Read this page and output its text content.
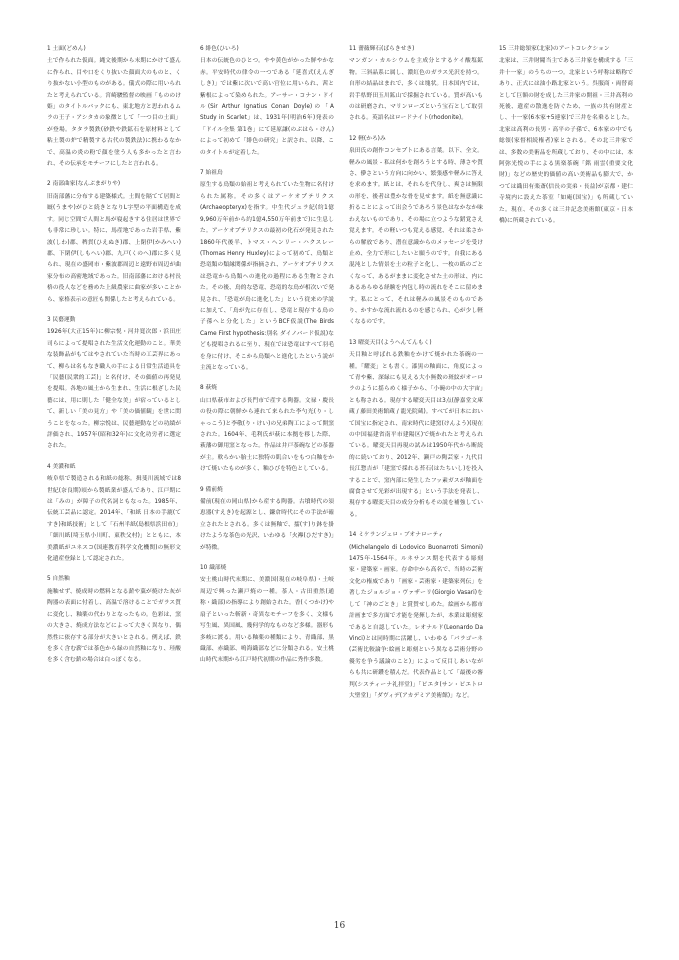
1 土面(どめん)
土で作られた仮面。縄文後期から末期にかけて盛んに作られ、目や口をくり抜いた顔面大のものと、くり抜かない小型のものがある。儀式の際に用いられたと考えられている。宮崎駿監督の映画「もののけ姫」のタイトルバックにも、東北地方と思われるムラの王子・アシタカの象徴として「一つ目の土面」が登場。タタラ製鉄(砂鉄や鉄鉱石を原材料として粘土製の炉で精製する古代の製鉄法)に携わるなかで、高温の炎の粉で顔を塗う人も多かったと言われ、その伝承をモチーフにしたと言われる。
2 南部曲家(なんぶまがりや)
旧南部藩に分布する建築様式。土間を隔てて居間と厩(うまや)がひと続きとなりL字型の平面構造を成す。同じ空間で人間と馬が寝起きする住居は世界でも非常に珍しい。特に、馬産地であった岩手県、紫波(しわ)郡、稗貫(ひえぬき)郡、上閉伊(かみへい)郡、下閉伊(しもへい)郡、九戸(くのへ)郡に多く見られ、現在の盛岡市・紫波郡周辺と遠野市周辺が曲家分布の高密地域であった。旧南部藩における村長格の役人などを務めた上級農家に曲家が多いことから、家格表示の意匠も関係したと考えられている。
3 民藝運動
1926年(大正15年)に柳宗悦・河井寛次郎・浜田庄司らによって提唱された生活文化運動のこと。華美な装飾品がもてはやされていた当時の工芸界にあって、柳らは名もなき職人の手による日常生活道具を「民藝(民衆的工芸)」と名付け、その価値の再発見を提唱。各地の風土から生まれ、生活に根ざした民藝には、用に則した「健全な美」が宿っているとして、新しい「美の見方」や「美の価値観」を世に問うことをなった。柳宗悦は、民藝運動などの功績が評価され、1957年(昭和32年)に文化功労者に選定された。
4 美濃和紙
岐阜県で製造される和紙の総称。揖斐川流域では8世紀(奈良期)頃から製紙業が盛んであり、江戸期には「みの」が障子の代名詞ともなった。1985年、伝統工芸品に認定。2014年、「和紙 日本の手漉(てすき)和紙技術」として「石州半紙(島根県浜田市)」「細川紙(埼玉県小川町、東秩父村)」とともに、本美濃紙がユネスコ(国連教育科学文化機関)の無形文化遺産登録として認定された。
5 自然釉
施釉せず、焼成時の燃料となる薪や藁が焼けた灰が陶器の表面に付着し、高温で溶けることでガラス質に変化し、釉薬の代わりとなったもの。色彩は、窯の大きさ、焼成方法などによって大きく異なり、偶然性に依存する部分が大きいとされる。例えば、鉄を多く含む薪では茶色から緑の自然釉になり、珪酸を多く含む薪の場合は白っぽくなる。
6 緋色(ひいろ)
日本の伝統色のひとつ。やや黄色がかった鮮やかな赤。平安時代の律令の一つである「延喜式(えんぎしき)」では紫に次いで高い官位に用いられ、茜と紫根によって染められた。アーサー・コナン・ドイル(Sir Arthur Ignatius Conan Doyle)の「A Study in Scarlet」は、1931年(明治6年)発表の「ドイル全集 第1巻」にて延原謙(のぶはら・けん)によって初めて「緋色の研究」と訳され、以降、このタイトルが定着した。
7 始祖鳥
原生する鳥類の始祖と考えられていた生物に名付けられた属称。その多くはアーケオプテリクス(Archaeopteryx)を指す。中生代ジュラ紀(約1億9,960万年前から約1億4,550万年前まで)に生息した。アーケオプテリクスの最初の化石が発見された1860年代後半、トマス・ヘンリー・ハクスレー(Thomas Henry Huxley)によって初めて、鳥類と恐竜類の類縁関係が指摘され、アーケオプテリクスは恐竜から鳥類への進化の過程にある生物とされた。その後、鳥的な恐竜、恐竜的な鳥が相次いで発見され、「恐竜が鳥に進化した」という従来の学説に加えて、「鳥が先に存在し、恐竜と現存する鳥の子孫へと分化した」というBCF仮説(The Birds Came First hypothesis:別名 ダイノバード仮説)なども提唱されるに至り、現在では恐竜はすべて羽毛を身に付け、そこから鳥類へと進化したという説が主流となっている。
8 萩焼
山口県萩市および長門市で産する陶器。文禄・慶長の役の際に朝鮮から連れて来られた李勺光(り・しゃっこう)と李敬(り・けい)の兄弟陶工によって開窯された。1604年、毛利氏が萩に本拠を移した際、萩藩の御用窯となった。作品は井戸茶碗などの茶器が主。軟らかい胎土に独特の肌合いをもつ白釉をかけて焼いたものが多く、釉ひびを特色としている。
9 備前焼
備前(現在の岡山県)から産する陶器。古墳時代の須恵器(すえき)を起源とし、鎌倉時代にその手法が確立されたとされる。多くは無釉で、擂(す)り鉢を掛けたような茶色の光沢、いわゆる「火襷(ひだすき)」が特徴。
10 織部焼
安土桃山時代末期に、美濃国(現在の岐阜県)・土岐周辺で興った瀬戸焼の一種。茶人・古田重然(通称・織部)の指導により創始された。香(くつかけ)や扇子といった斬新・奇異なモチーフを多く、文様も写生風、異国風、幾何学的なものなど多様。器形も多岐に渡る。用いる釉薬の種類により、青織部、黒織部、赤織部、鳴海織部などに分類される。安土桃山時代末期から江戸時代初期の作品に秀作多数。
11 薔薇輝石(ばらきせき)
マンガン・カルシウムを主成分とするケイ酸塩鉱物。三斜晶系に属し、濃紅色のガラス光沢を持つ。自形の結晶はまれで、多くは塊状。日本国内では、岩手県野田玉川鉱山で採掘されている。質が高いものは研磨され、マリンローズという宝石として取引される。英語名はロードナイト(rhodonite)。
12 軽(かろ)み
泉田氏の創作コンセプトにある言葉。以下、全文。軽みの風景 - 私は何かを創ろうとする時、薄さや質さ、儚さという方向に向かい、繁張感や軽みに答えを求めます。紙とは、それらを代身し、爽さは無限の形を、後者は豊かな骨を見せます。紙を無意識に折ることによって出会うであろう景色はなかなか味わえないものであり、その場に立つような錯覚さえ覚えます。その軽いつも覚える感覚、それは柔さからの解放であり、潜在意識からのメッセージを受け止め、全力で形にしたいと願うのです。自我にある混沌とした情景を土の粒子と化し、一枚の紙のごとくなって、あるがままに変化させた土の形は、内にあるあらゆる経験を内包し時の流れをそこに留めます。私にとって、それは軽みの風景そのものであり、かすかな流れ流れるのを感じられ、心が少し軽くなるのです。
13 曜変天目(ようへんてんもく)
天目釉と呼ばれる鉄釉をかけて焼かれた茶碗の一種。「耀変」とも書く。漆黒の釉面に、角度によって青や紫、深緑にも見える大小無数の斑紋がオーロラのように揺らめく様子から、「小碗の中の大宇宙」とも称される。現存する曜変天目は3点(静嘉堂文庫蔵 / 藤田美術館蔵 / 龍光院蔵)。すべてが日本において国宝に指定され、南宋時代に建窯(けんよう)(現在の中国福建省南平市建陽区)で焼かれたと考えられている。曜変天目再現の試みは1950年代から断続的に続いており、2012年、瀬戸の陶芸家・九代目長江惣吉が「建窯で採れる苔石(はたちいし)を投入することで、窯内部に発生したフッ素ガスが釉面を腐食させて光彩が出現する」という手法を発表し、現存する曜変天目の成分分析もその説を補強している。
14 ミケランジェロ・ブオナローティ
(Michelangelo di Lodovico Buonarroti Simoni) 1475年-1564年。ルネサンス期を代表する彫刻家・建築家・画家。存命中から高名で、当時の芸術文化の権威であり「画家・芸術家・建築家列伝」を著したジョルジョ・ヴァザーリ(Giorgio Vasari)をして「神のごとき」と賞賛せしめた。絵画から都市計画まで多方面で才能を発揮したが、本業は彫刻家であると自認していた。レオナルド(Leonardo Da Vinci)とは同時期に活躍し、いわゆる「パラゴーネ(芸術比較論争:絵画と彫刻という異なる芸術分野の優劣を争う議論のこと)」によって反目しあいながらも共に研鑽を積んだ。代表作品として「最後の審判(システィーナ礼拝堂)」「ピエタ(サン・ピエトロ大聖堂)」「ダヴィデ(アカデミア美術館)」など。
15 三井総領家(北家)のアートコレクション
北家は、三井財閥当主である三井家を構成する「三井十一家」のうちの一つ。北家という呼称は略称であり、正式には油小路北家という。呉服商・両替商として巨額の財を成した三井家の開祖・三井高利の死後、遺産の散逸を防ぐため、一族の共有財産とし、十一家(6本家+5連家)で三井を名乗るとした。北家は高利の長男・高平の子孫で、6本家の中でも総領(家督相続権者)家とされる。その北三井家では、多数の美術品を所蔵しており、その中には、本阿弥光悦の手による黒楽茶碗「銘 雨雲(重要文化財)」などの歴史的価値の高い美術品も膨大で、かつては織田有楽斎(信長の実弟・長益)が京都・建仁寺境内に設えた茶室「如庵(国宝)」も所蔵していた。現在、その多くは三井記念美術館(東京・日本橋)に所蔵されている。
16
